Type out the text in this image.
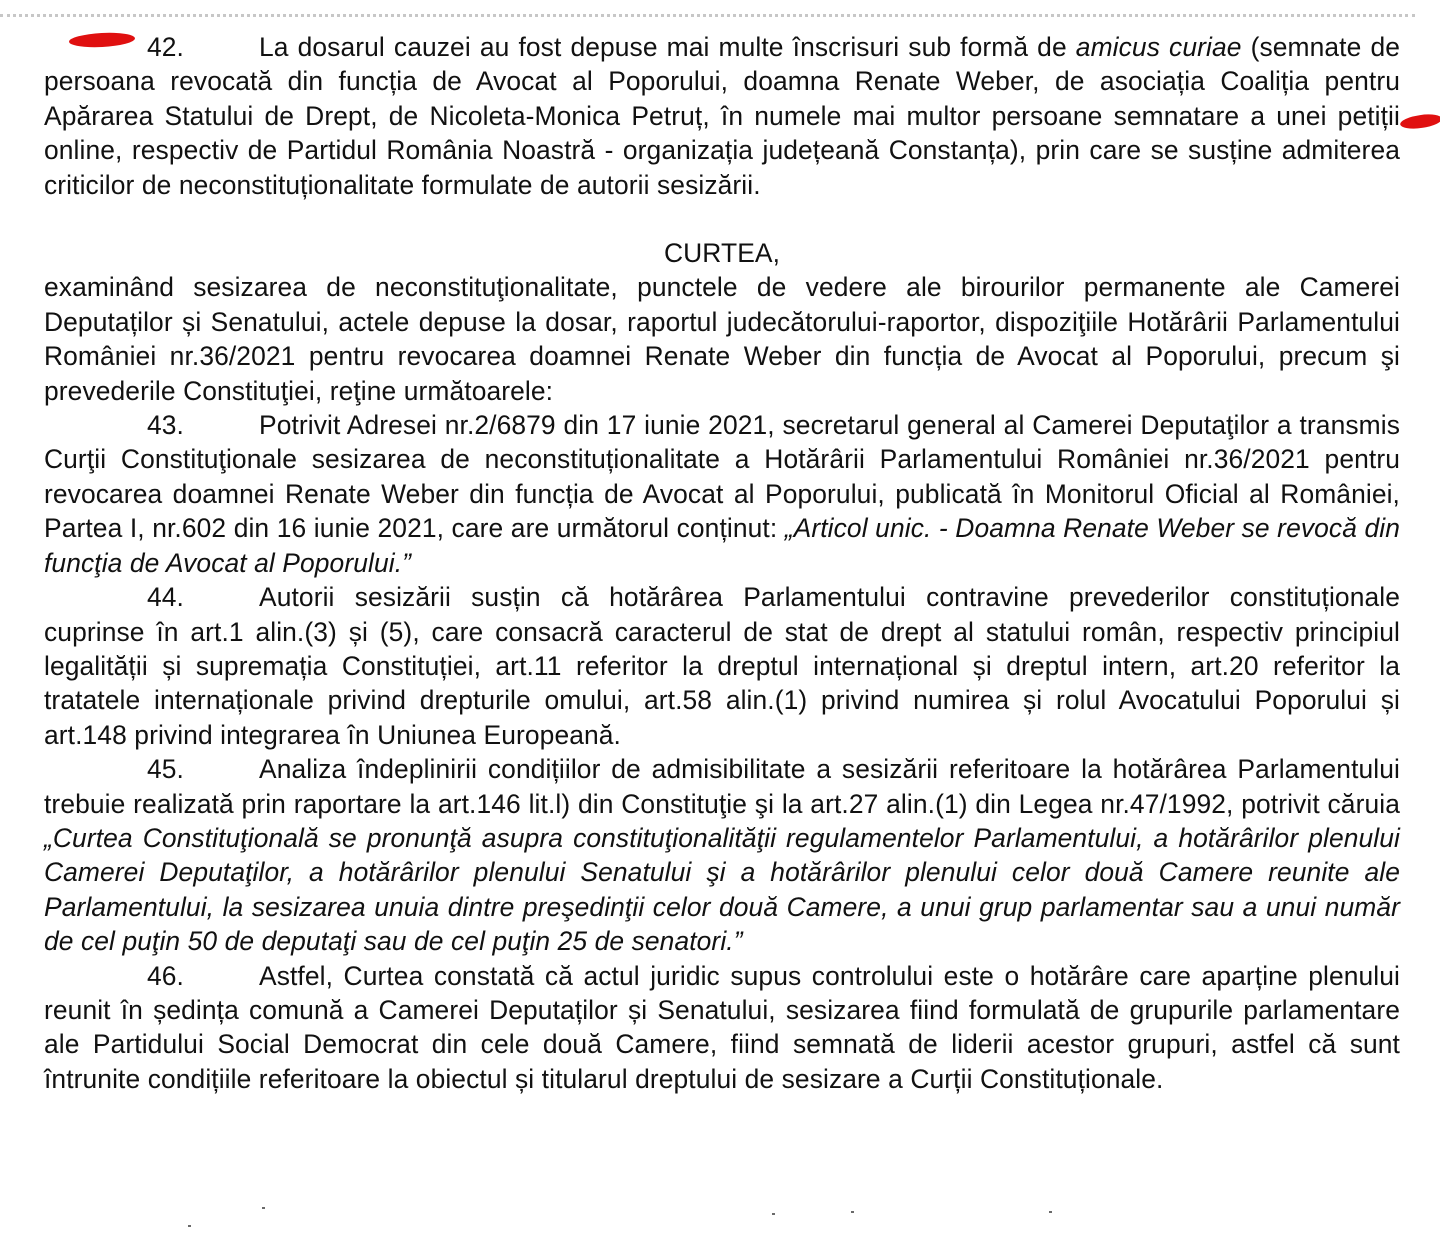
42.	La dosarul cauzei au fost depuse mai multe înscrisuri sub formă de amicus curiae (semnate de persoana revocată din funcția de Avocat al Poporului, doamna Renate Weber, de asociația Coaliția pentru Apărarea Statului de Drept, de Nicoleta-Monica Petruț, în numele mai multor persoane semnatare a unei petiții online, respectiv de Partidul România Noastră - organizația județeană Constanța), prin care se susține admiterea criticilor de neconstituționalitate formulate de autorii sesizării.

CURTEA,

examinând sesizarea de neconstituţionalitate, punctele de vedere ale birourilor permanente ale Camerei Deputaților și Senatului, actele depuse la dosar, raportul judecătorului-raportor, dispoziţiile Hotărârii Parlamentului României nr.36/2021 pentru revocarea doamnei Renate Weber din funcția de Avocat al Poporului, precum şi prevederile Constituţiei, reţine următoarele:

43.	Potrivit Adresei nr.2/6879 din 17 iunie 2021, secretarul general al Camerei Deputaţilor a transmis Curţii Constituţionale sesizarea de neconstituționalitate a Hotărârii Parlamentului României nr.36/2021 pentru revocarea doamnei Renate Weber din funcția de Avocat al Poporului, publicată în Monitorul Oficial al României, Partea I, nr.602 din 16 iunie 2021, care are următorul conținut: „Articol unic. - Doamna Renate Weber se revocă din funcţia de Avocat al Poporului.”

44.	Autorii sesizării susțin că hotărârea Parlamentului contravine prevederilor constituționale cuprinse în art.1 alin.(3) și (5), care consacră caracterul de stat de drept al statului român, respectiv principiul legalității și supremația Constituției, art.11 referitor la dreptul internațional și dreptul intern, art.20 referitor la tratatele internaționale privind drepturile omului, art.58 alin.(1) privind numirea și rolul Avocatului Poporului și art.148 privind integrarea în Uniunea Europeană.

45.	Analiza îndeplinirii condițiilor de admisibilitate a sesizării referitoare la hotărârea Parlamentului trebuie realizată prin raportare la art.146 lit.l) din Constituţie şi la art.27 alin.(1) din Legea nr.47/1992, potrivit căruia „Curtea Constituţională se pronunţă asupra constituţionalităţii regulamentelor Parlamentului, a hotărârilor plenului Camerei Deputaţilor, a hotărârilor plenului Senatului şi a hotărârilor plenului celor două Camere reunite ale Parlamentului, la sesizarea unuia dintre preşedinţii celor două Camere, a unui grup parlamentar sau a unui număr de cel puţin 50 de deputaţi sau de cel puţin 25 de senatori.”

46.	Astfel, Curtea constată că actul juridic supus controlului este o hotărâre care aparține plenului reunit în ședința comună a Camerei Deputaților și Senatului, sesizarea fiind formulată de grupurile parlamentare ale Partidului Social Democrat din cele două Camere, fiind semnată de liderii acestor grupuri, astfel că sunt întrunite condițiile referitoare la obiectul și titularul dreptului de sesizare a Curții Constituționale.
